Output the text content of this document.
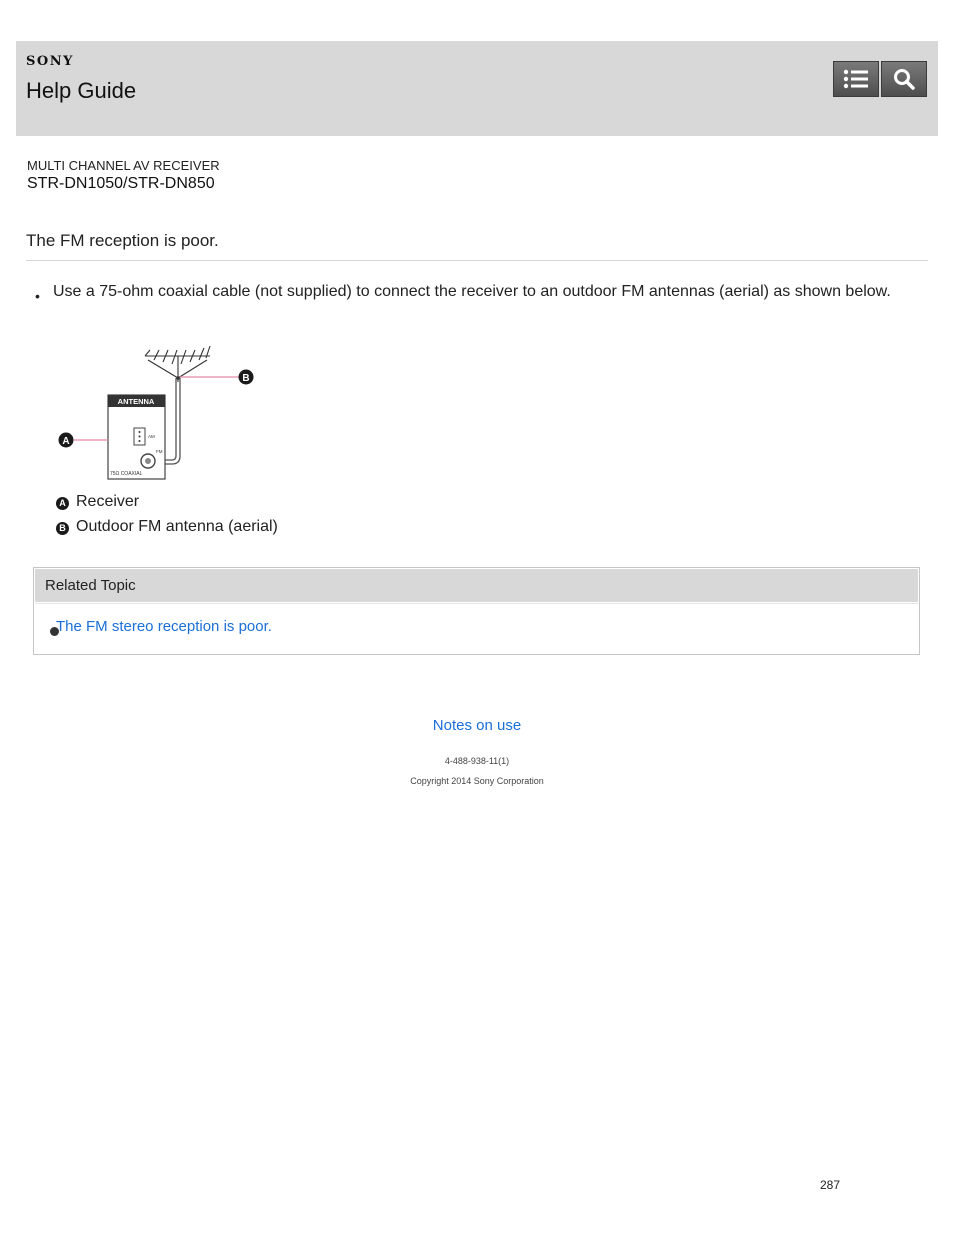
SONY
Help Guide
MULTI CHANNEL AV RECEIVER
STR-DN1050/STR-DN850
The FM reception is poor.
• Use a 75-ohm coaxial cable (not supplied) to connect the receiver to an outdoor FM antennas (aerial) as shown below.

B
ANTENNA
AM
FM
75Ω COAXIAL
A
A Receiver
B Outdoor FM antenna (aerial)
Related Topic
The FM stereo reception is poor.
Notes on use
4-488-938-11(1)
Copyright 2014 Sony Corporation
287
